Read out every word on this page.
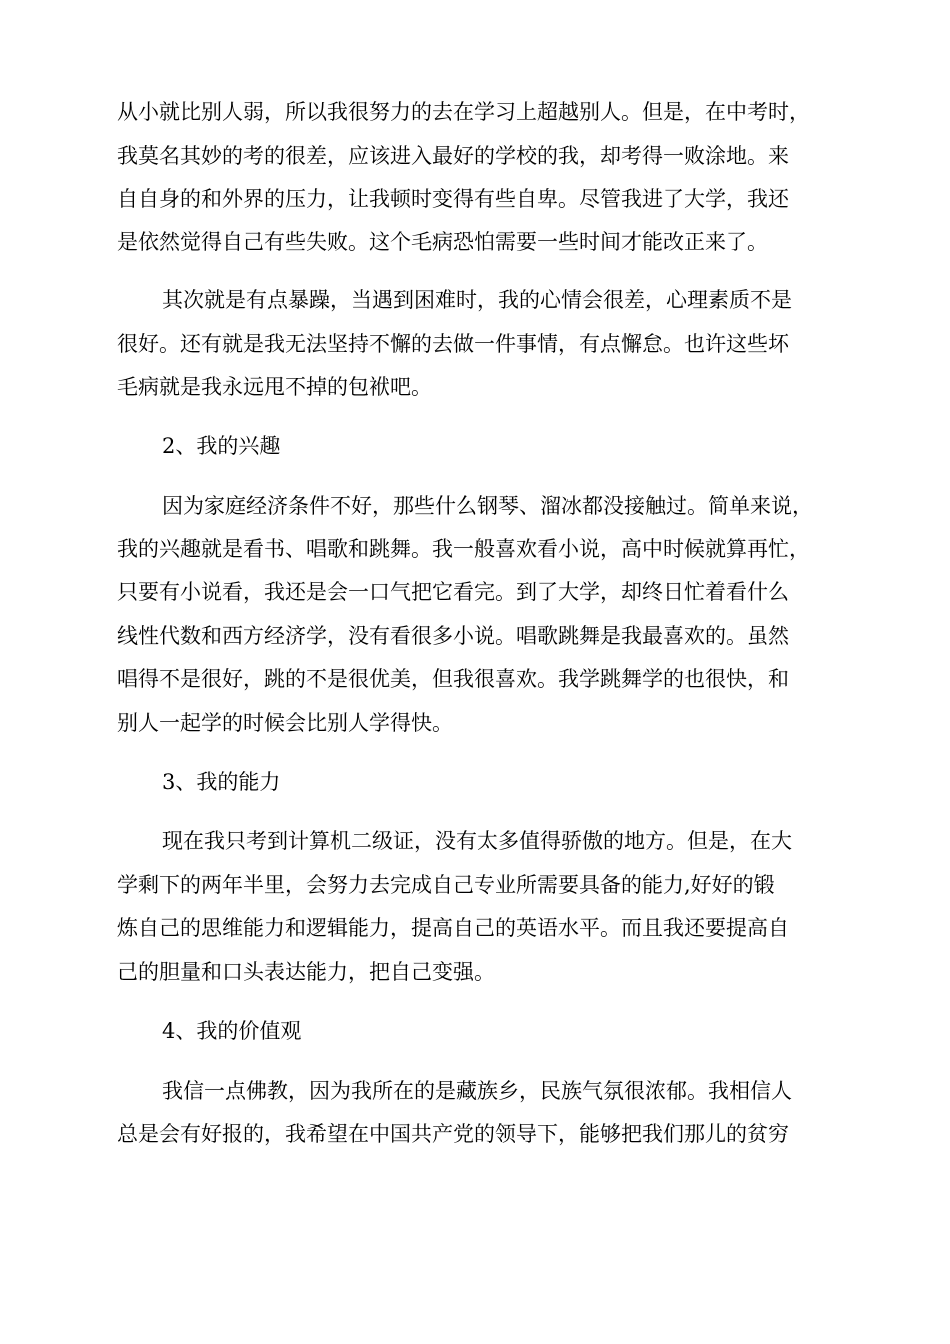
从小就比别人弱，所以我很努力的去在学习上超越别人。但是，在中考时，
我莫名其妙的考的很差，应该进入最好的学校的我，却考得一败涂地。来
自自身的和外界的压力，让我顿时变得有些自卑。尽管我进了大学，我还
是依然觉得自己有些失败。这个毛病恐怕需要一些时间才能改正来了。
其次就是有点暴躁，当遇到困难时，我的心情会很差，心理素质不是
很好。还有就是我无法坚持不懈的去做一件事情，有点懈怠。也许这些坏
毛病就是我永远甩不掉的包袱吧。
2、我的兴趣
因为家庭经济条件不好，那些什么钢琴、溜冰都没接触过。简单来说，
我的兴趣就是看书、唱歌和跳舞。我一般喜欢看小说，高中时候就算再忙，
只要有小说看，我还是会一口气把它看完。到了大学，却终日忙着看什么
线性代数和西方经济学，没有看很多小说。唱歌跳舞是我最喜欢的。虽然
唱得不是很好，跳的不是很优美，但我很喜欢。我学跳舞学的也很快，和
别人一起学的时候会比别人学得快。
3、我的能力
现在我只考到计算机二级证，没有太多值得骄傲的地方。但是，在大
学剩下的两年半里，会努力去完成自己专业所需要具备的能力,好好的锻
炼自己的思维能力和逻辑能力，提高自己的英语水平。而且我还要提高自
己的胆量和口头表达能力，把自己变强。
4、我的价值观
我信一点佛教，因为我所在的是藏族乡，民族气氛很浓郁。我相信人
总是会有好报的，我希望在中国共产党的领导下，能够把我们那儿的贫穷
